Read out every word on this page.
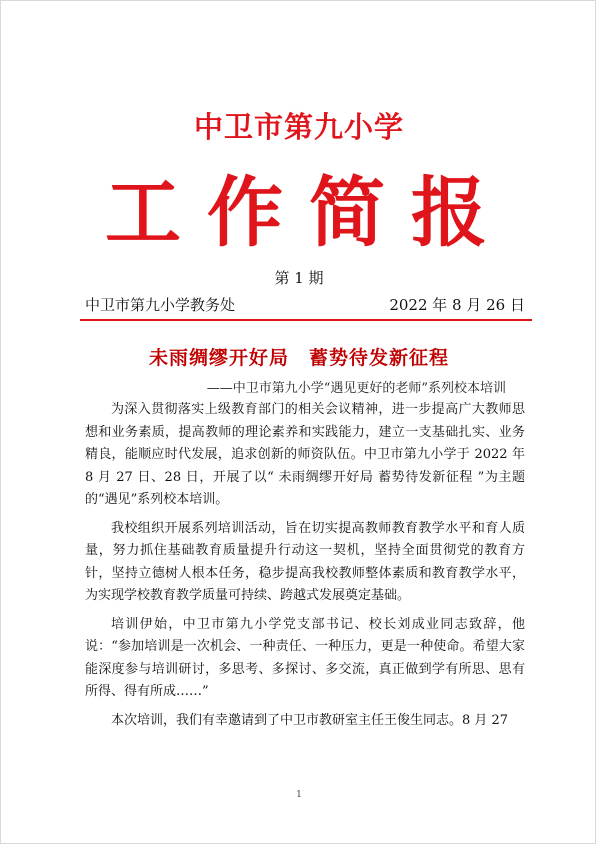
中卫市第九小学
工作简报
第 1 期
中卫市第九小学教务处	2022 年 8 月 26 日
未雨绸缪开好局　蓄势待发新征程
——中卫市第九小学“遇见更好的老师”系列校本培训

为深入贯彻落实上级教育部门的相关会议精神，进一步提高广大教师思想和业务素质，提高教师的理论素养和实践能力，建立一支基础扎实、业务精良，能顺应时代发展，追求创新的师资队伍。中卫市第九小学于 2022 年 8 月 27 日、28 日，开展了以“ 未雨绸缪开好局 蓄势待发新征程 ”为主题的“遇见”系列校本培训。

我校组织开展系列培训活动，旨在切实提高教师教育教学水平和育人质量，努力抓住基础教育质量提升行动这一契机，坚持全面贯彻党的教育方针，坚持立德树人根本任务，稳步提高我校教师整体素质和教育教学水平，为实现学校教育教学质量可持续、跨越式发展奠定基础。

培训伊始，中卫市第九小学党支部书记、校长刘成业同志致辞，他说：“参加培训是一次机会、一种责任、一种压力，更是一种使命。希望大家能深度参与培训研讨，多思考、多探讨、多交流，真正做到学有所思、思有所得、得有所成……”

本次培训，我们有幸邀请到了中卫市教研室主任王俊生同志。8 月 27

1
